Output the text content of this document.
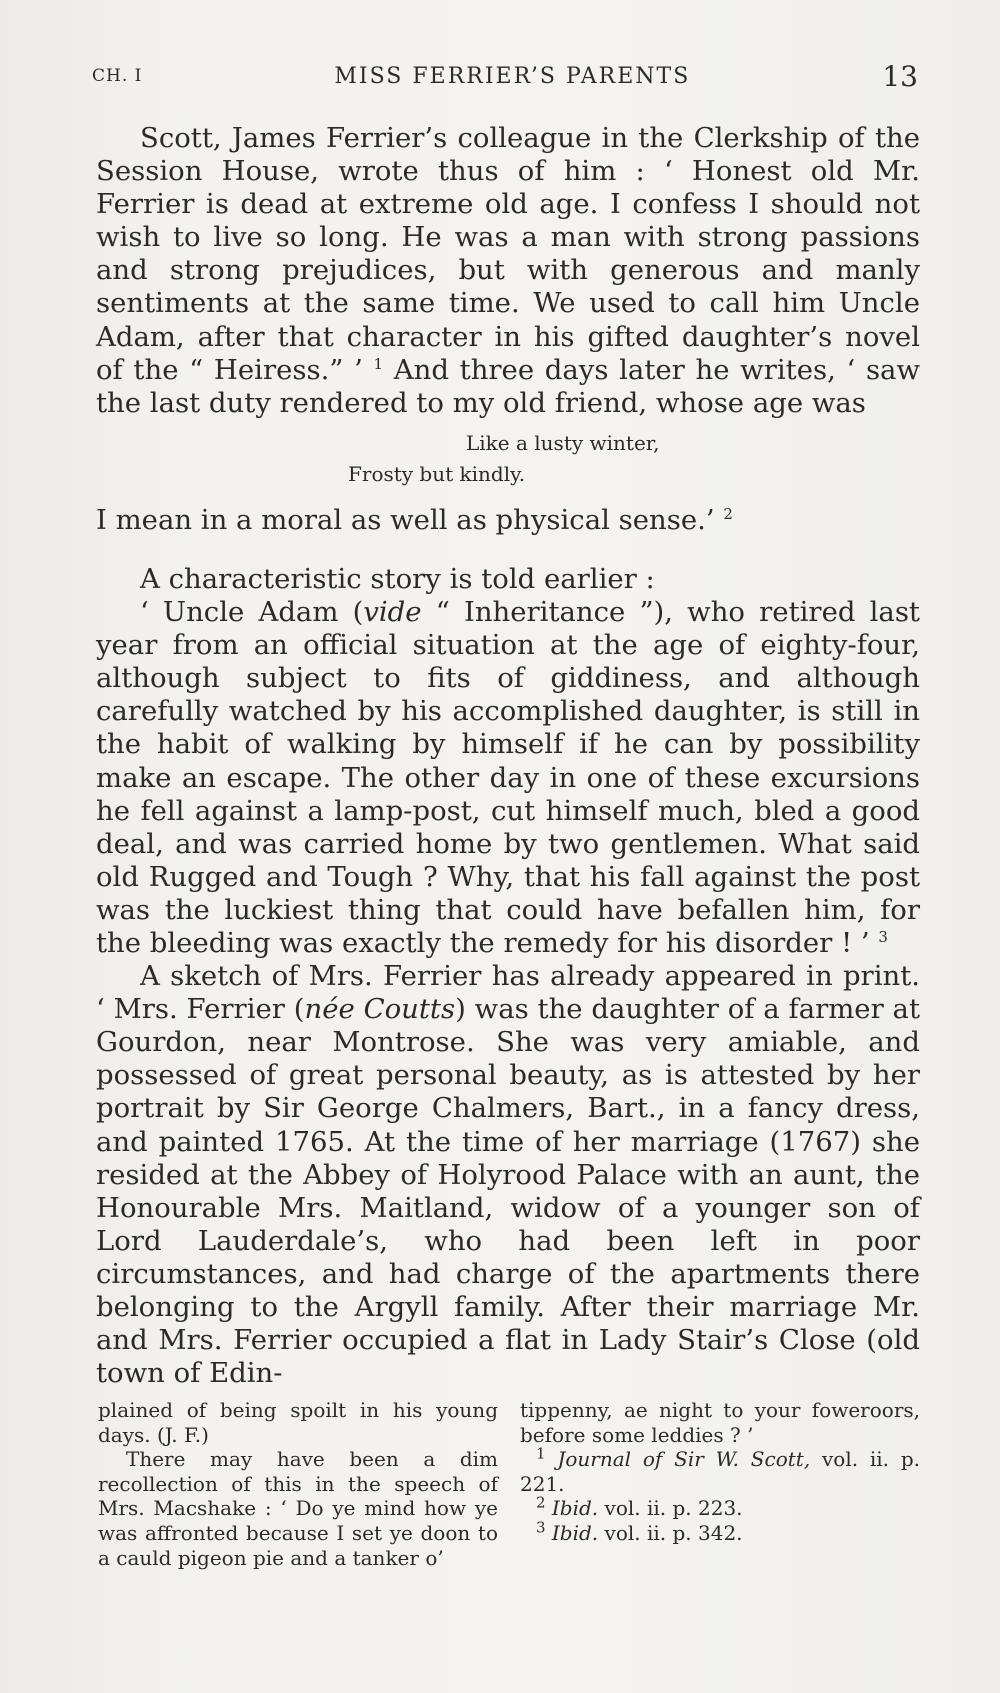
CH. I	MISS FERRIER’S PARENTS	13

Scott, James Ferrier’s colleague in the Clerkship of the Session House, wrote thus of him : ‘ Honest old Mr. Ferrier is dead at extreme old age. I confess I should not wish to live so long. He was a man with strong passions and strong prejudices, but with generous and manly sentiments at the same time. We used to call him Uncle Adam, after that character in his gifted daughter’s novel of the “ Heiress.” ’ $^1$ And three days later he writes, ‘ saw the last duty rendered to my old friend, whose age was

Like a lusty winter,
Frosty but kindly.

I mean in a moral as well as physical sense.’ $^2$

A characteristic story is told earlier :

‘ Uncle Adam (vide “ Inheritance ”), who retired last year from an official situation at the age of eighty-four, although subject to fits of giddiness, and although carefully watched by his accomplished daughter, is still in the habit of walking by himself if he can by possibility make an escape. The other day in one of these excursions he fell against a lamp-post, cut himself much, bled a good deal, and was carried home by two gentlemen. What said old Rugged and Tough ? Why, that his fall against the post was the luckiest thing that could have befallen him, for the bleeding was exactly the remedy for his disorder ! ’ $^3$

A sketch of Mrs. Ferrier has already appeared in print. ‘ Mrs. Ferrier (née Coutts) was the daughter of a farmer at Gourdon, near Montrose. She was very amiable, and possessed of great personal beauty, as is attested by her portrait by Sir George Chalmers, Bart., in a fancy dress, and painted 1765. At the time of her marriage (1767) she resided at the Abbey of Holyrood Palace with an aunt, the Honourable Mrs. Maitland, widow of a younger son of Lord Lauderdale’s, who had been left in poor circumstances, and had charge of the apartments there belonging to the Argyll family. After their marriage Mr. and Mrs. Ferrier occupied a flat in Lady Stair’s Close (old town of Edin-

plained of being spoilt in his young days. (J. F.)

There may have been a dim recollection of this in the speech of Mrs. Macshake : ‘ Do ye mind how ye was affronted because I set ye doon to a cauld pigeon pie and a tanker o’

tippenny, ae night to your foweroors, before some leddies ? ’

$^1$ Journal of Sir W. Scott, vol. ii. p. 221.

$^2$ Ibid. vol. ii. p. 223.

$^3$ Ibid. vol. ii. p. 342.
